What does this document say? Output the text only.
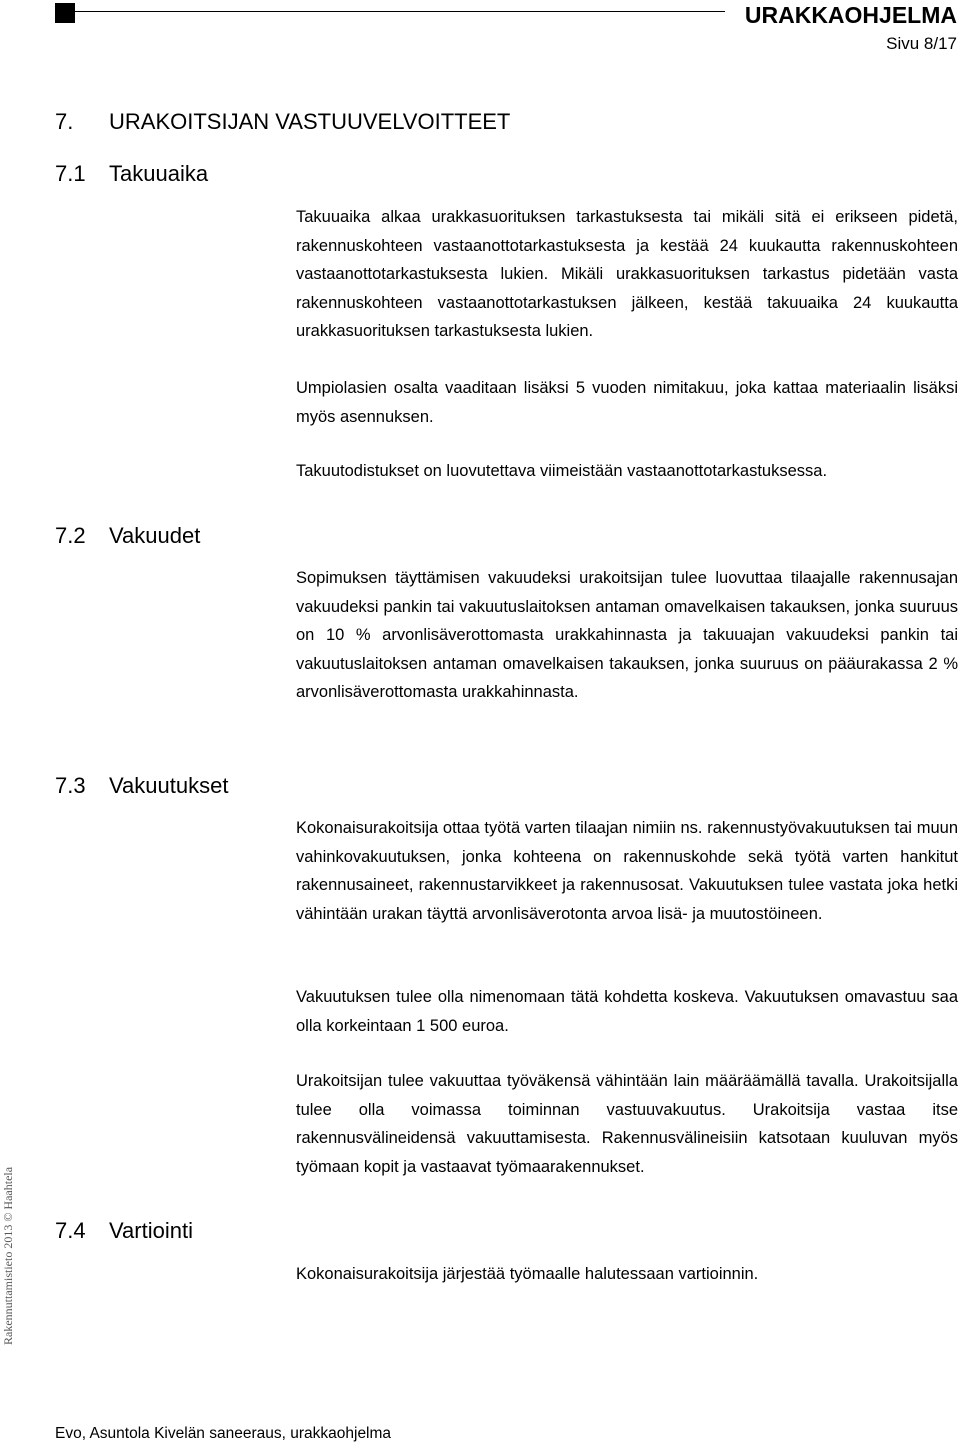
URAKKAOHJELMA
Sivu 8/17
7. URAKOITSIJAN VASTUUVELVOITTEET
7.1 Takuuaika

Takuuaika alkaa urakkasuorituksen tarkastuksesta tai mikäli sitä ei erikseen pidetä, rakennuskohteen vastaanottotarkastuksesta ja kestää 24 kuukautta rakennuskohteen vastaanottotarkastuksesta lukien. Mikäli urakkasuorituksen tarkastus pidetään vasta rakennuskohteen vastaanottotarkastuksen jälkeen, kestää takuuaika 24 kuukautta urakkasuorituksen tarkastuksesta lukien.

Umpiolasien osalta vaaditaan lisäksi 5 vuoden nimitakuu, joka kattaa materiaalin lisäksi myös asennuksen.

Takuutodistukset on luovutettava viimeistään vastaanottotarkastuksessa.

7.2 Vakuudet

Sopimuksen täyttämisen vakuudeksi urakoitsijan tulee luovuttaa tilaajalle rakennusajan vakuudeksi pankin tai vakuutuslaitoksen antaman omavelkaisen takauksen, jonka suuruus on 10 % arvonlisäverottomasta urakkahinnasta ja takuuajan vakuudeksi pankin tai vakuutuslaitoksen antaman omavelkaisen takauksen, jonka suuruus on pääurakassa 2 % arvonlisäverottomasta urakkahinnasta.

7.3 Vakuutukset

Kokonaisurakoitsija ottaa työtä varten tilaajan nimiin ns. rakennustyövakuutuksen tai muun vahinkovakuutuksen, jonka kohteena on rakennuskohde sekä työtä varten hankitut rakennusaineet, rakennustarvikkeet ja rakennusosat. Vakuutuksen tulee vastata joka hetki vähintään urakan täyttä arvonlisäverotonta arvoa lisä- ja muutostöineen.

Vakuutuksen tulee olla nimenomaan tätä kohdetta koskeva. Vakuutuksen omavastuu saa olla korkeintaan 1 500 euroa.

Urakoitsijan tulee vakuuttaa työväkensä vähintään lain määräämällä tavalla. Urakoitsijalla tulee olla voimassa toiminnan vastuuvakuutus. Urakoitsija vastaa itse rakennusvälineidensä vakuuttamisesta. Rakennusvälineisiin katsotaan kuuluvan myös työmaan kopit ja vastaavat työmaarakennukset.

7.4 Vartiointi

Kokonaisurakoitsija järjestää työmaalle halutessaan vartioinnin.

Rakennuttamistieto 2013 © Haahtela
Evo, Asuntola Kivelän saneeraus, urakkaohjelma
